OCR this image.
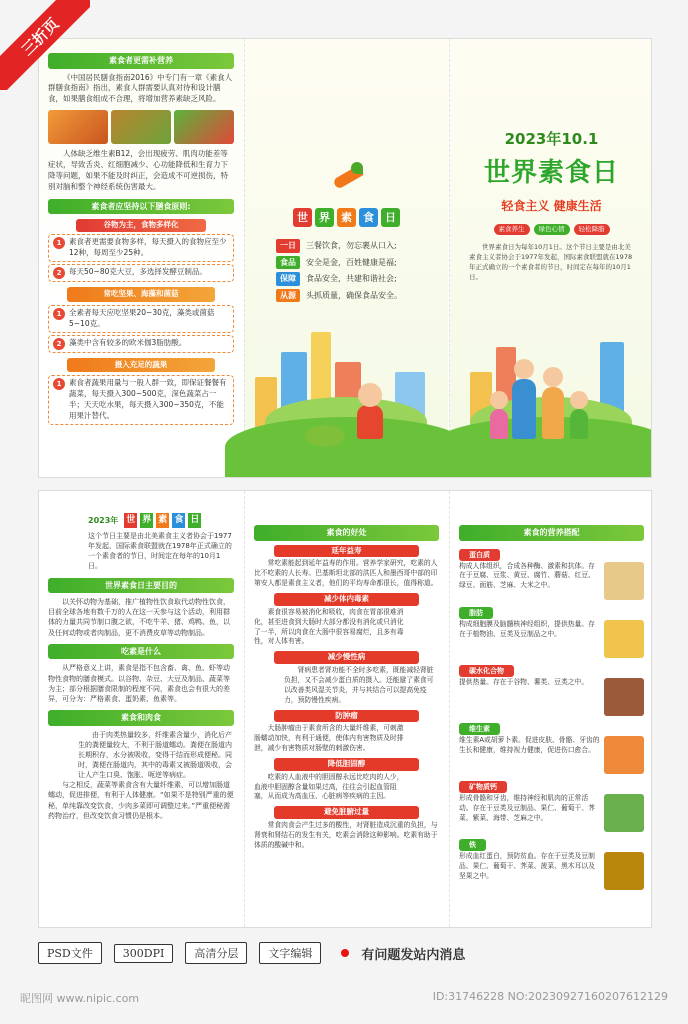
三折页
素食者更需补营养
《中国居民膳食指南2016》中专门有一章《素食人群膳食指南》指出，素食人群需要认真对待和设计膳食，如果膳食组成不合理，将增加营养素缺乏风险。
人体缺乏维生素B12，会出现疲劳、肌肉功能差等症状，导致舌炎、红细胞减少、心功能降低和生育力下降等问题，如果不能及时纠正，会造成不可逆损伤，特别对脑和整个神经系统伤害最大。
素食者应坚持以下膳食原则:
谷物为主，食物多样化
1	素食者更需要食物多样，每天摄入的食物应至少12种，每周至少25种。
2	每天50~80克大豆，多选择发酵豆制品。
常吃坚果、海藻和菌菇
1	全素者每天应吃坚果20~30克，藻类或菌菇5~10克。
2	藻类中含有较多的欧米伽3脂肪酸。
摄入充足的蔬果
1	素食者蔬果用量与一般人群一致，即保证餐餐有蔬菜，每天摄入300~500克，深色蔬菜占一半；天天吃水果，每天摄入300~350克，不能用果汁替代。
世	界	素	食	日
一日	三餐饮食，勿忘裹从口入;
食品	安全是金，百姓健康是福;
保障	食品安全，共建和谐社会;
从源	头抓质量，确保食品安全。
2023年10.1
世界素食日
轻食主义 健康生活
素食养生	绿色心情	轻松降脂
世界素食日为每年10月1日。这个节日主要是由北美素食主义者协会于1977年发起，国际素食联盟就在1978年正式确立的一个素食者的节日，时间定在每年的10月1日。
2023年 世 界 素 食 日
这个节日主要是由北美素食主义者协会于1977年发起，国际素食联盟就在1978年正式确立的一个素食者的节日，时间定在每年的10月1日。
世界素食日主要目的
以关怀动物为基础，推广植物性饮食取代动物性饮食，目前全球各地有数千万的人在这一天参与这个活动，利用群体的力量共同节制口腹之欲，不吃牛羊、猪、鸡鸭、鱼，以及任何动物或者肉制品，更不消费皮草等动物制品。
吃素是什么
从严格意义上讲，素食是指不包含畜、禽、鱼、虾等动物性食物的膳食模式。以谷物、杂豆、大豆及制品、蔬菜等为主；部分根据膳食限制的程度不同，素食也会有很大的差异，可分为：严格素食、蛋奶素、鱼素等。
素食和肉食
由于肉类热量较多，纤维素含量少，消化后产生的粪便量较大，不利于肠道蠕动。粪便在肠道内长期积存，水分被吸收，变得干结而形成便秘。同时，粪便在肠道内，其中的毒素又被肠道吸收，会让人产生口臭、饱胀、呃逆等病症。
与之相反，蔬菜等素食含有大量纤维素，可以增加肠道蠕动，促进排便，有利于人体健康。“如果不是特别严重的便秘，单纯靠改变饮食，少肉多菜即可调整过来。”严重便秘需药物治疗，但改变饮食习惯仍是根本。
素食的好处
延年益寿
常吃素能起到延年益寿的作用。营养学家研究，吃素的人比不吃素的人长寿。巴基斯坦北部的洪匹人和墨西哥中部的印第安人都是素食主义者，他们的平均寿命都很长，值得称道。
减少体内毒素
素食很容易被消化和吸收，肉食在胃部很难消化，甚至进食到大肠时大部分都没有消化或只消化了一半，所以肉食在大肠中很容易腐烂，且多有毒性，对人体有害。
减少慢性病
肾病患者肾功能不全时多吃素，既能减轻肾脏负担，又不会减少蛋白质的摄入。还能避了素食可以改善类风湿关节炎，并与其结合可以提高免疫力，预防慢性疾病。
防肿瘤
大肠肿瘤由于素食所含的大量纤维素，可刺激肠蠕动加快，有利于通便，使体内有害物质及时排泄，减少有害物质对肠壁的刺激伤害。
降低胆固醇
吃素的人血液中的胆固醇永远比吃肉的人少，血液中胆固醇含量如果过高，往往会引起血管阻塞，从而成为高血压、心脏病等疾病的主因。
避免脏腑过量
常食肉食会产生过多的酸性，对肾脏造成沉重的负担，与肾衰和肾结石的发生有关，吃素会消除这种影响。吃素有助于体质的酸碱中和。
素食的营养搭配
蛋白质
构成人体组织，合成各种酶、激素和抗体。存在于豆腐、豆浆、黄豆、腐竹、蘑菇、红豆、绿豆、面筋、芝麻、大米之中。
脂肪
构成细胞膜及脑髓核神经组织，提供热量。存在于植物油、豆类及豆制品之中。
碳水化合物
提供热量。存在于谷物、薯类、豆类之中。
维生素
维生素A或胡萝卜素。促进皮肤、骨骼、牙齿的生长和健康，维持视力健康，促进伤口愈合。
矿物质钙
形成骨骼和牙齿，维持神经和肌肉的正常活动。存在于豆类及豆制品、果仁、葡萄干、荠菜、紫菜、海带、芝麻之中。
铁
形成血红蛋白，预防贫血。存在于豆类及豆制品、果仁、葡萄干、荠菜、菠菜、黑木耳以及坚果之中。
PSD文件	300DPI	高清分层	文字编辑	有问题发站内消息
昵图网 www.nipic.com	ID:31746228 NO:20230927160207612129
